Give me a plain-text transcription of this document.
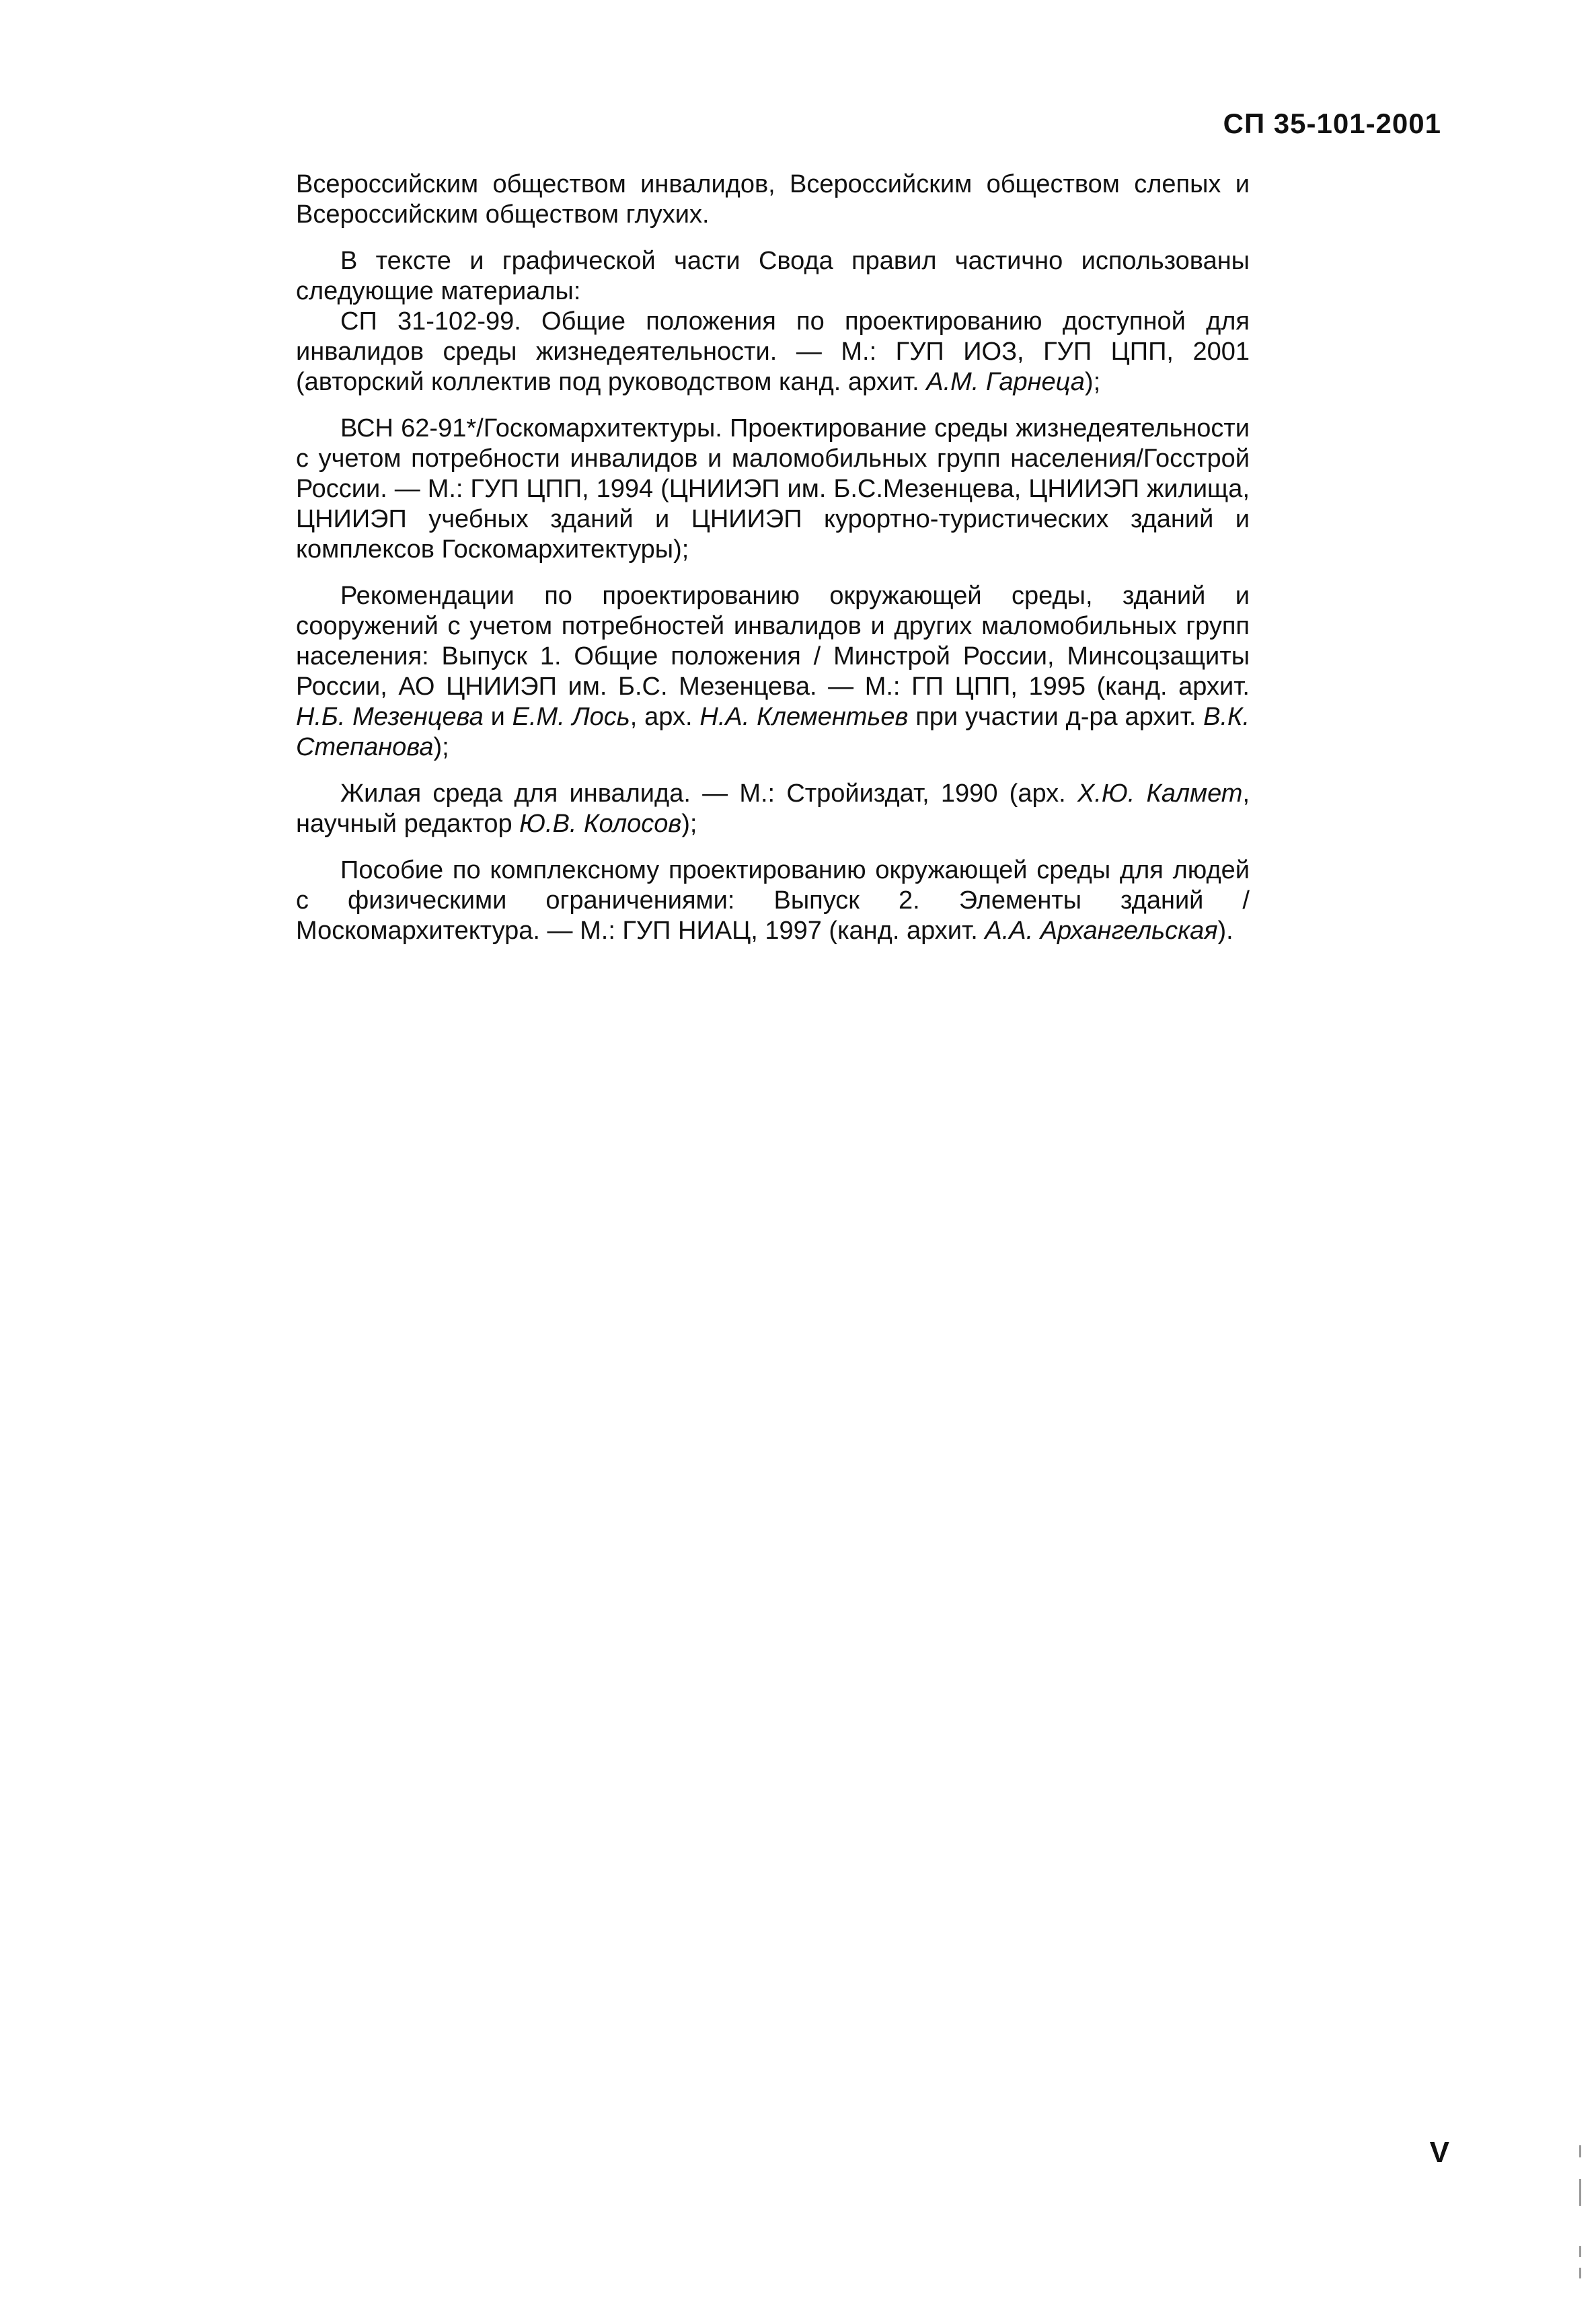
СП 35-101-2001

Всероссийским обществом инвалидов, Всероссийским обществом слепых и Всероссийским обществом глухих.

В тексте и графической части Свода правил частично использованы следующие материалы:

СП 31-102-99. Общие положения по проектированию доступной для инвалидов среды жизнедеятельности. — М.: ГУП ИОЗ, ГУП ЦПП, 2001 (авторский коллектив под руководством канд. архит. А.М. Гарнеца);

ВСН 62-91*/Госкомархитектуры. Проектирование среды жизнедеятельности с учетом потребности инвалидов и маломобильных групп населения/Госстрой России. — М.: ГУП ЦПП, 1994 (ЦНИИЭП им. Б.С.Мезенцева, ЦНИИЭП жилища, ЦНИИЭП учебных зданий и ЦНИИЭП курортно-туристических зданий и комплексов Госкомархитектуры);

Рекомендации по проектированию окружающей среды, зданий и сооружений с учетом потребностей инвалидов и других маломобильных групп населения: Выпуск 1. Общие положения / Минстрой России, Минсоцзащиты России, АО ЦНИИЭП им. Б.С. Мезенцева. — М.: ГП ЦПП, 1995 (канд. архит. Н.Б. Мезенцева и Е.М. Лось, арх. Н.А. Клементьев при участии д-ра архит. В.К. Степанова);

Жилая среда для инвалида. — М.: Стройиздат, 1990 (арх. Х.Ю. Калмет, научный редактор Ю.В. Колосов);

Пособие по комплексному проектированию окружающей среды для людей с физическими ограничениями: Выпуск 2. Элементы зданий / Москомархитектура. — М.: ГУП НИАЦ, 1997 (канд. архит. А.А. Архангельская).

V
